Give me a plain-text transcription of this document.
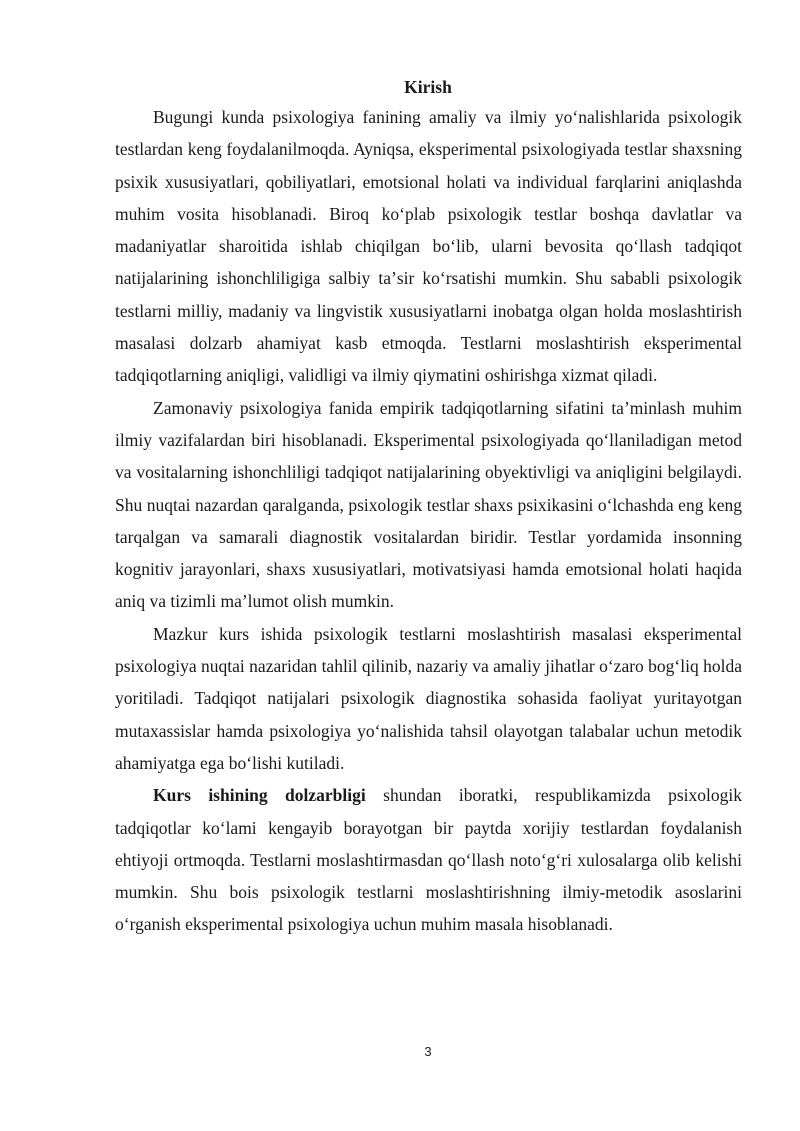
Kirish

Bugungi kunda psixologiya fanining amaliy va ilmiy yoʻnalishlarida psixologik testlardan keng foydalanilmoqda. Ayniqsa, eksperimental psixologiyada testlar shaxsning psixik xususiyatlari, qobiliyatlari, emotsional holati va individual farqlarini aniqlashda muhim vosita hisoblanadi. Biroq koʻplab psixologik testlar boshqa davlatlar va madaniyatlar sharoitida ishlab chiqilgan boʻlib, ularni bevosita qoʻllash tadqiqot natijalarining ishonchliligiga salbiy taʼsir koʻrsatishi mumkin. Shu sababli psixologik testlarni milliy, madaniy va lingvistik xususiyatlarni inobatga olgan holda moslashtirish masalasi dolzarb ahamiyat kasb etmoqda. Testlarni moslashtirish eksperimental tadqiqotlarning aniqligi, validligi va ilmiy qiymatini oshirishga xizmat qiladi.

Zamonaviy psixologiya fanida empirik tadqiqotlarning sifatini taʼminlash muhim ilmiy vazifalardan biri hisoblanadi. Eksperimental psixologiyada qoʻllaniladigan metod va vositalarning ishonchliligi tadqiqot natijalarining obyektivligi va aniqligini belgilaydi. Shu nuqtai nazardan qaralganda, psixologik testlar shaxs psixikasini oʻlchashda eng keng tarqalgan va samarali diagnostik vositalardan biridir. Testlar yordamida insonning kognitiv jarayonlari, shaxs xususiyatlari, motivatsiyasi hamda emotsional holati haqida aniq va tizimli maʼlumot olish mumkin.

Mazkur kurs ishida psixologik testlarni moslashtirish masalasi eksperimental psixologiya nuqtai nazaridan tahlil qilinib, nazariy va amaliy jihatlar oʻzaro bogʻliq holda yoritiladi. Tadqiqot natijalari psixologik diagnostika sohasida faoliyat yuritayotgan mutaxassislar hamda psixologiya yoʻnalishida tahsil olayotgan talabalar uchun metodik ahamiyatga ega boʻlishi kutiladi.

Kurs ishining dolzarbligi shundan iboratki, respublikamizda psixologik tadqiqotlar koʻlami kengayib borayotgan bir paytda xorijiy testlardan foydalanish ehtiyoji ortmoqda. Testlarni moslashtirmasdan qoʻllash notoʻgʻri xulosalarga olib kelishi mumkin. Shu bois psixologik testlarni moslashtirishning ilmiy-metodik asoslarini oʻrganish eksperimental psixologiya uchun muhim masala hisoblanadi.

3
